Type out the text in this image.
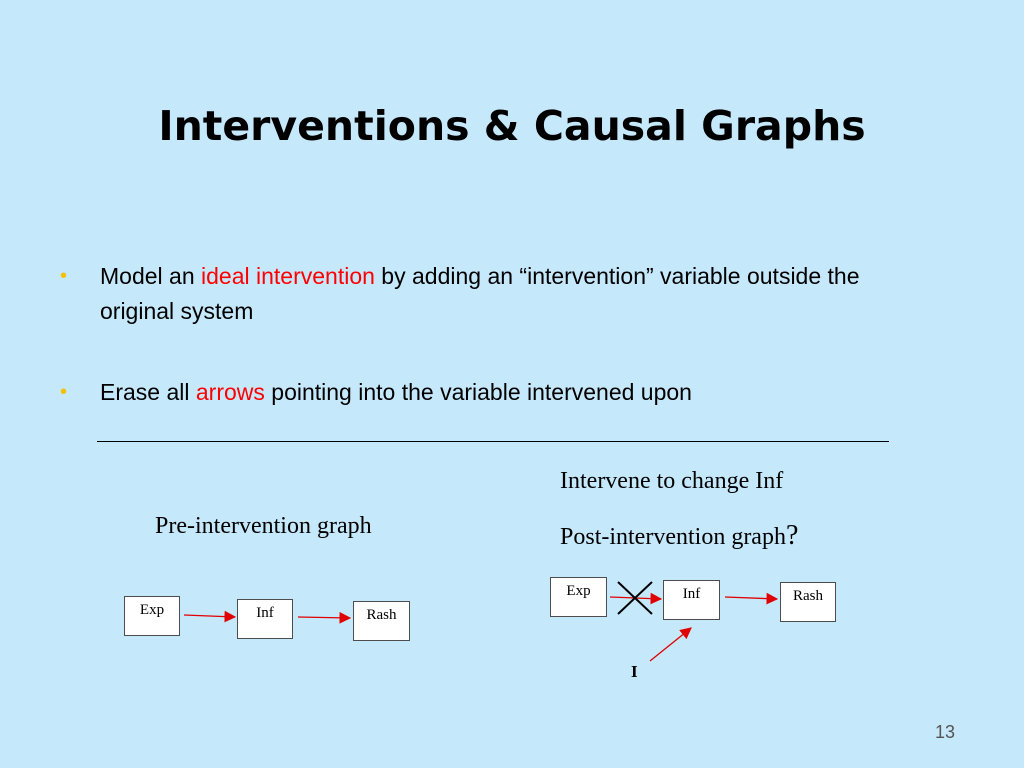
Interventions & Causal Graphs
• Model an ideal intervention by adding an “intervention” variable outside the original system
• Erase all arrows pointing into the variable intervened upon
Pre-intervention graph
Exp	Inf	Rash
Intervene to change Inf
Post-intervention graph?
Exp	Inf	Rash
I
13
